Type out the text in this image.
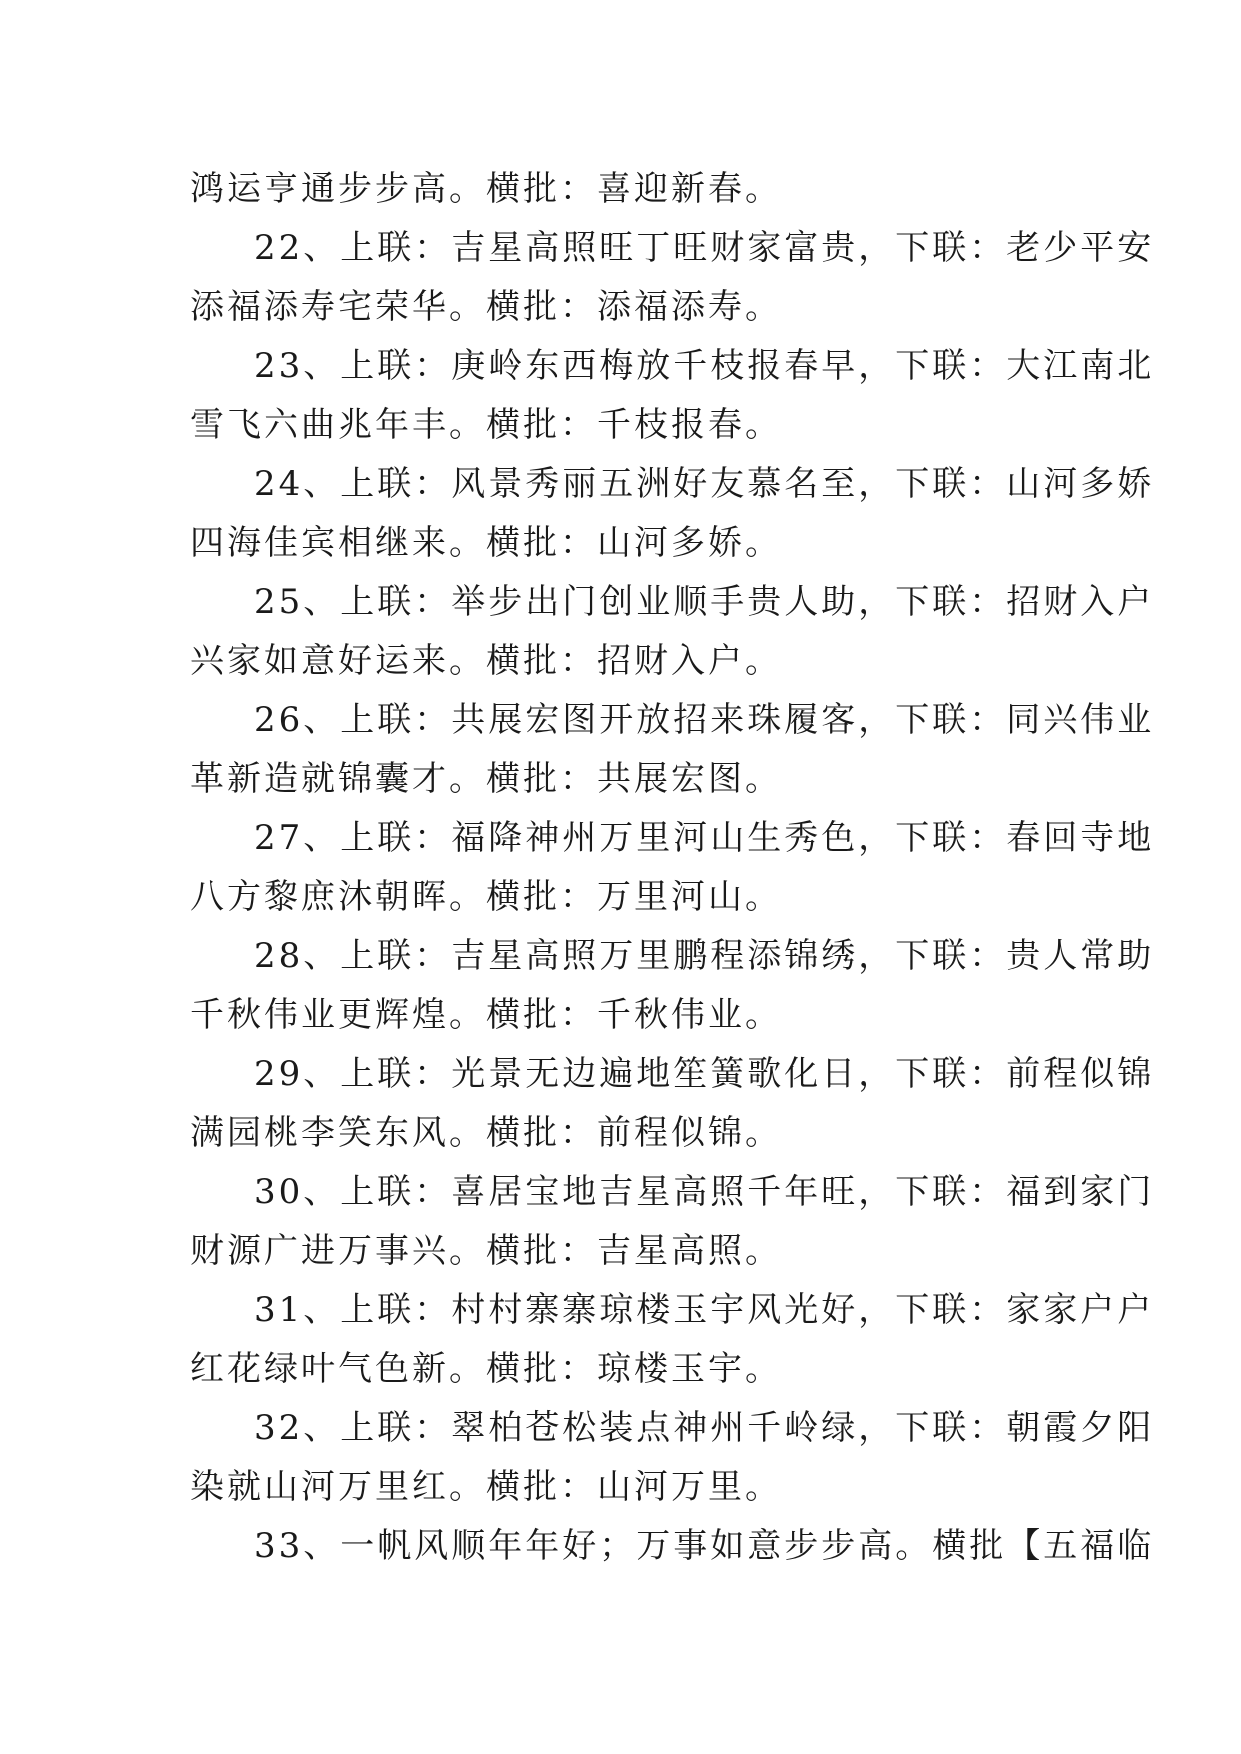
鸿运亨通步步高。横批：喜迎新春。
22、上联：吉星高照旺丁旺财家富贵，下联：老少平安
添福添寿宅荣华。横批：添福添寿。
23、上联：庚岭东西梅放千枝报春早，下联：大江南北
雪飞六曲兆年丰。横批：千枝报春。
24、上联：风景秀丽五洲好友慕名至，下联：山河多娇
四海佳宾相继来。横批：山河多娇。
25、上联：举步出门创业顺手贵人助，下联：招财入户
兴家如意好运来。横批：招财入户。
26、上联：共展宏图开放招来珠履客，下联：同兴伟业
革新造就锦囊才。横批：共展宏图。
27、上联：福降神州万里河山生秀色，下联：春回寺地
八方黎庶沐朝晖。横批：万里河山。
28、上联：吉星高照万里鹏程添锦绣，下联：贵人常助
千秋伟业更辉煌。横批：千秋伟业。
29、上联：光景无边遍地笙簧歌化日，下联：前程似锦
满园桃李笑东风。横批：前程似锦。
30、上联：喜居宝地吉星高照千年旺，下联：福到家门
财源广进万事兴。横批：吉星高照。
31、上联：村村寨寨琼楼玉宇风光好，下联：家家户户
红花绿叶气色新。横批：琼楼玉宇。
32、上联：翠柏苍松装点神州千岭绿，下联：朝霞夕阳
染就山河万里红。横批：山河万里。
33、一帆风顺年年好；万事如意步步高。横批【五福临
